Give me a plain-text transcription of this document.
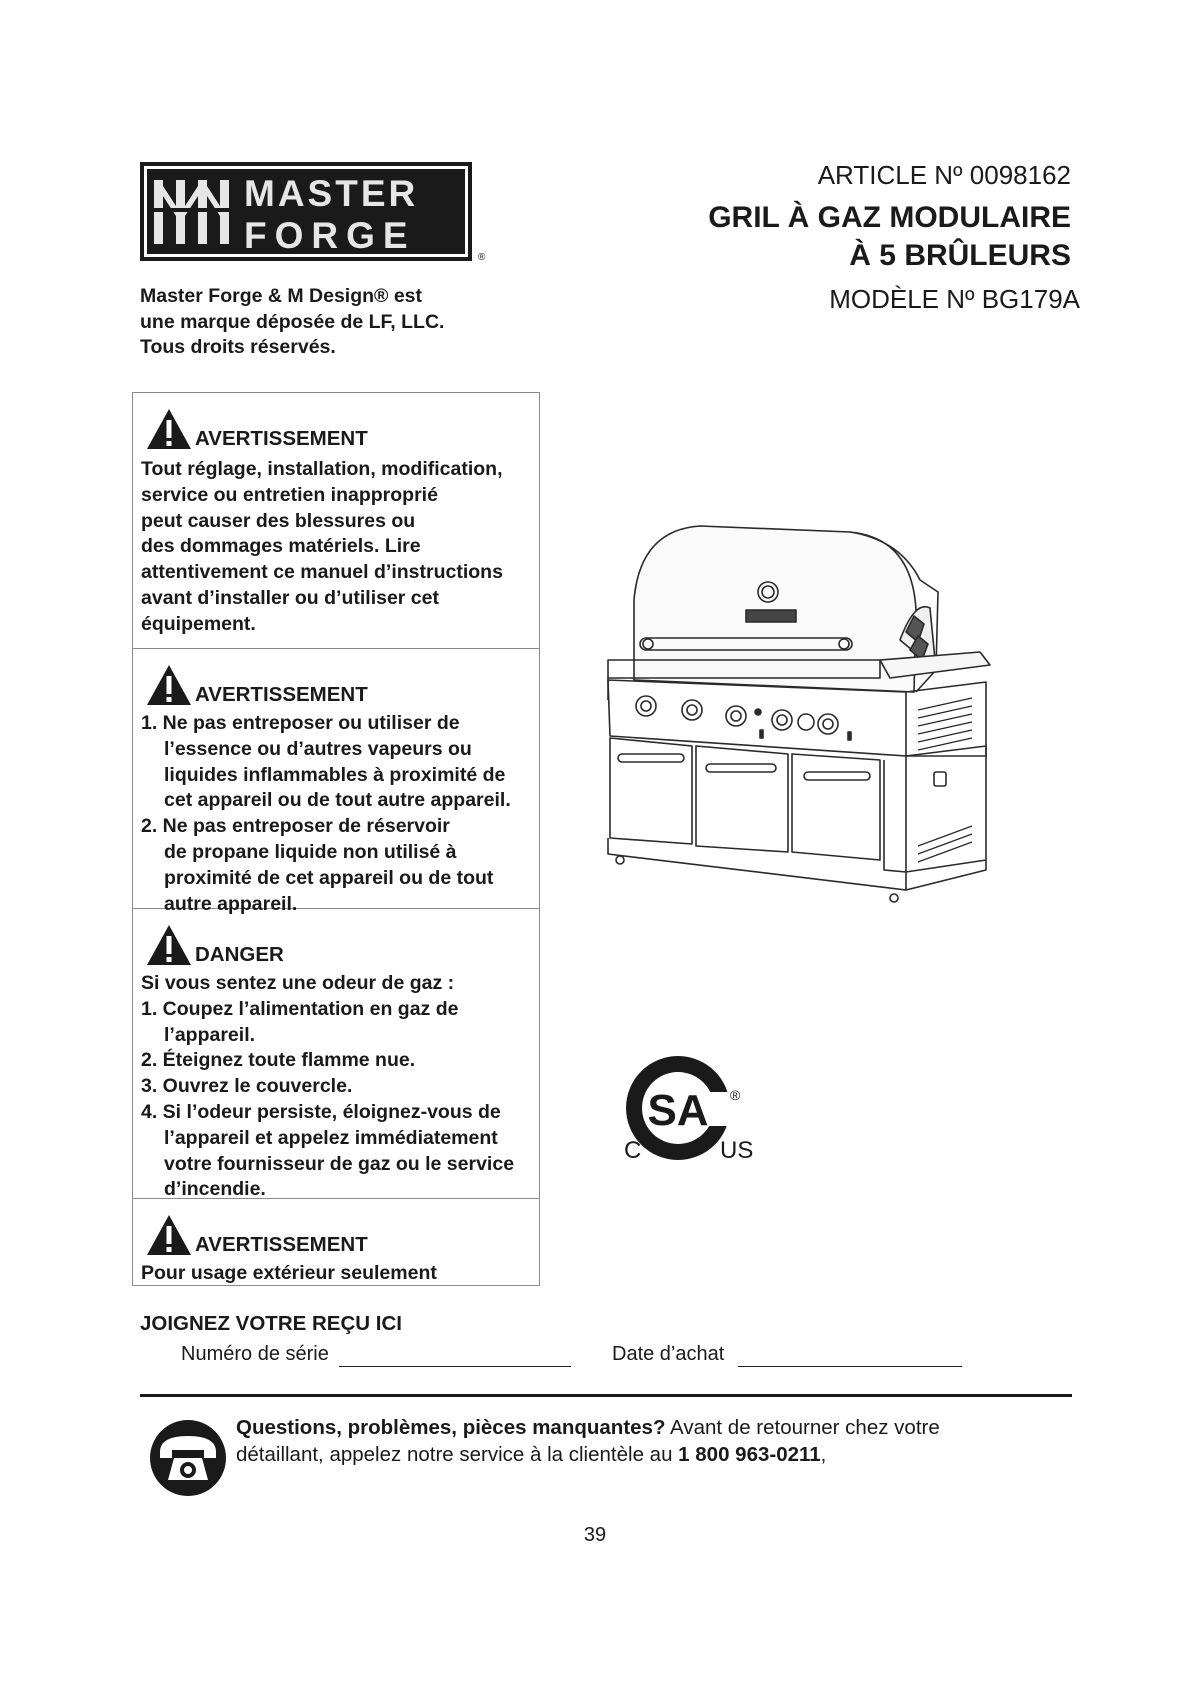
MASTER
FORGE
®
Master Forge & M Design® est
une marque déposée de LF, LLC.
Tous droits réservés.
ARTICLE Nº 0098162
GRIL À GAZ MODULAIRE
À 5 BRÛLEURS
MODÈLE Nº BG179A
AVERTISSEMENT
Tout réglage, installation, modification,
service ou entretien inapproprié
peut causer des blessures ou
des dommages matériels. Lire
attentivement ce manuel d’instructions
avant d’installer ou d’utiliser cet
équipement.
AVERTISSEMENT
1. Ne pas entreposer ou utiliser de
l’essence ou d’autres vapeurs ou
liquides inflammables à proximité de
cet appareil ou de tout autre appareil.
2. Ne pas entreposer de réservoir
de propane liquide non utilisé à
proximité de cet appareil ou de tout
autre appareil.
DANGER
Si vous sentez une odeur de gaz :
1. Coupez l’alimentation en gaz de
l’appareil.
2. Éteignez toute flamme nue.
3. Ouvrez le couvercle.
4. Si l’odeur persiste, éloignez-vous de
l’appareil et appelez immédiatement
votre fournisseur de gaz ou le service
d’incendie.
AVERTISSEMENT
Pour usage extérieur seulement
SA ®
C	US
JOIGNEZ VOTRE REÇU ICI
Numéro de série	Date d’achat
Questions, problèmes, pièces manquantes? Avant de retourner chez votre
détaillant, appelez notre service à la clientèle au 1 800 963-0211,
39
